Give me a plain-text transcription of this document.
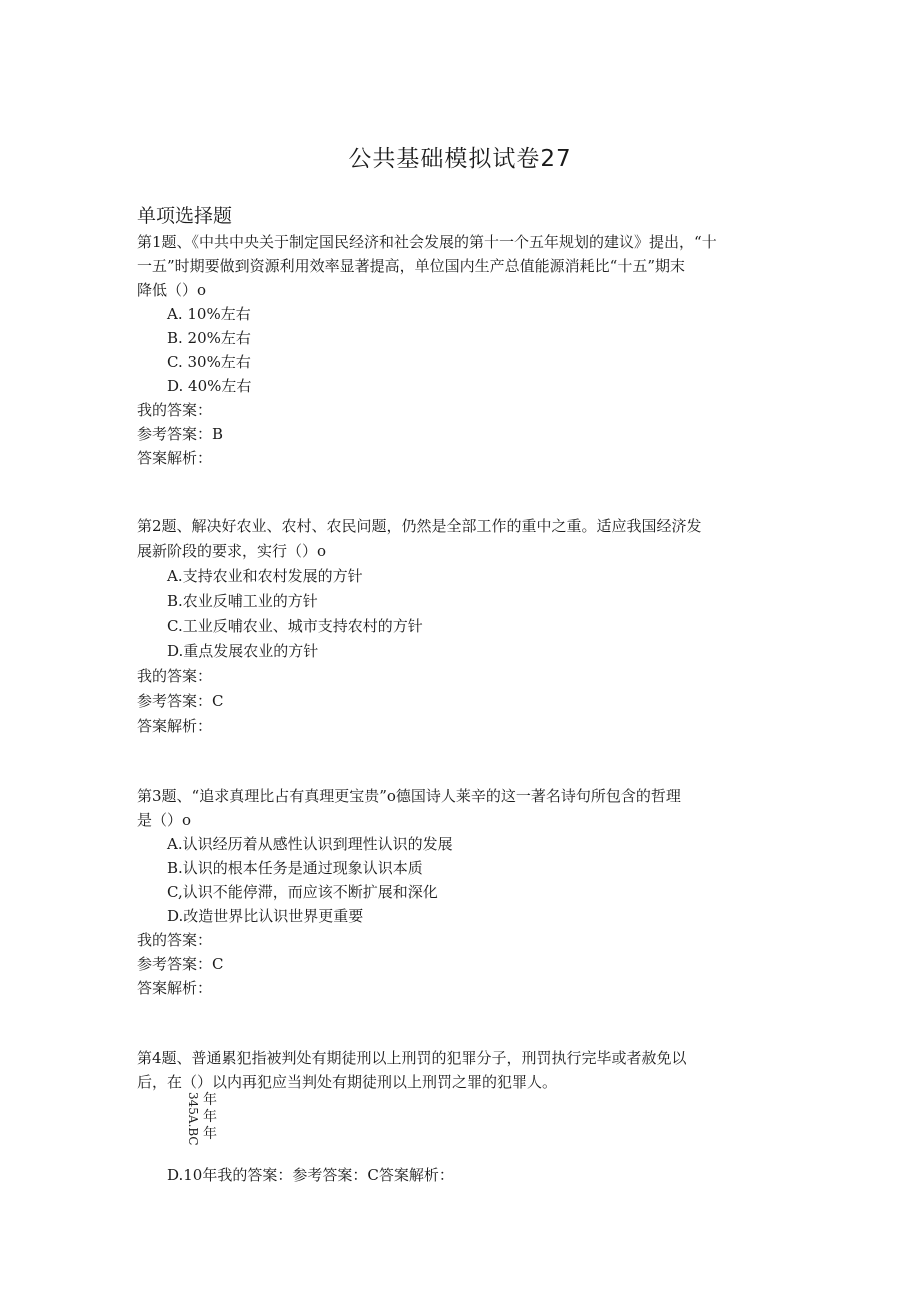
公共基础模拟试卷27
单项选择题
第1题、《中共中央关于制定国民经济和社会发展的第十一个五年规划的建议》提出，“十
一五”时期要做到资源利用效率显著提高，单位国内生产总值能源消耗比“十五”期末
降低（）o
A. 10%左右
B. 20%左右
C. 30%左右
D. 40%左右
我的答案：
参考答案：B
答案解析：
第2题、解决好农业、农村、农民问题，仍然是全部工作的重中之重。适应我国经济发
展新阶段的要求，实行（）o
A.支持农业和农村发展的方针
B.农业反哺工业的方针
C.工业反哺农业、城市支持农村的方针
D.重点发展农业的方针
我的答案：
参考答案：C
答案解析：
第3题、“追求真理比占有真理更宝贵”o德国诗人莱辛的这一著名诗句所包含的哲理
是（）o
A.认识经历着从感性认识到理性认识的发展
B.认识的根本任务是通过现象认识本质
C,认识不能停滞，而应该不断扩展和深化
D.改造世界比认识世界更重要
我的答案：
参考答案：C
答案解析：
第4题、普通累犯指被判处有期徒刑以上刑罚的犯罪分子，刑罚执行完毕或者赦免以
后，在（）以内再犯应当判处有期徒刑以上刑罚之罪的犯罪人。
345A.BC 年
年
年
D.10年我的答案：参考答案：C答案解析：
